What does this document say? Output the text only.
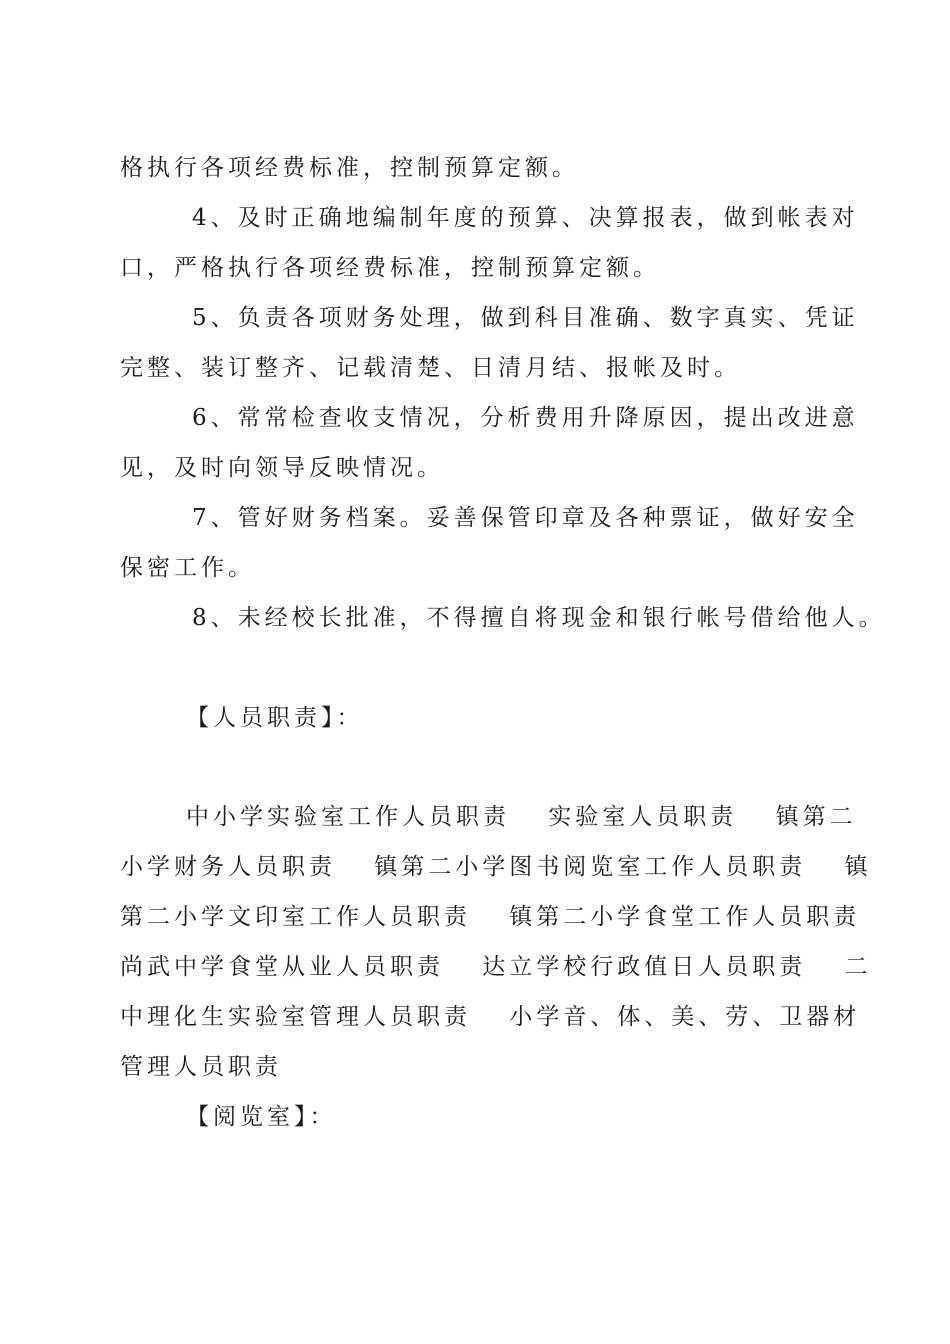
格执行各项经费标准，控制预算定额。
4、及时正确地编制年度的预算、决算报表，做到帐表对
口，严格执行各项经费标准，控制预算定额。
5、负责各项财务处理，做到科目准确、数字真实、凭证
完整、装订整齐、记载清楚、日清月结、报帐及时。
6、常常检查收支情况，分析费用升降原因，提出改进意
见，及时向领导反映情况。
7、管好财务档案。妥善保管印章及各种票证，做好安全
保密工作。
8、未经校长批准，不得擅自将现金和银行帐号借给他人。
【人员职责】：
中小学实验室工作人员职责　 实验室人员职责　 镇第二
小学财务人员职责　 镇第二小学图书阅览室工作人员职责　 镇
第二小学文印室工作人员职责　 镇第二小学食堂工作人员职责
尚武中学食堂从业人员职责　 达立学校行政值日人员职责　 二
中理化生实验室管理人员职责　 小学音、体、美、劳、卫器材
管理人员职责
【阅览室】：
